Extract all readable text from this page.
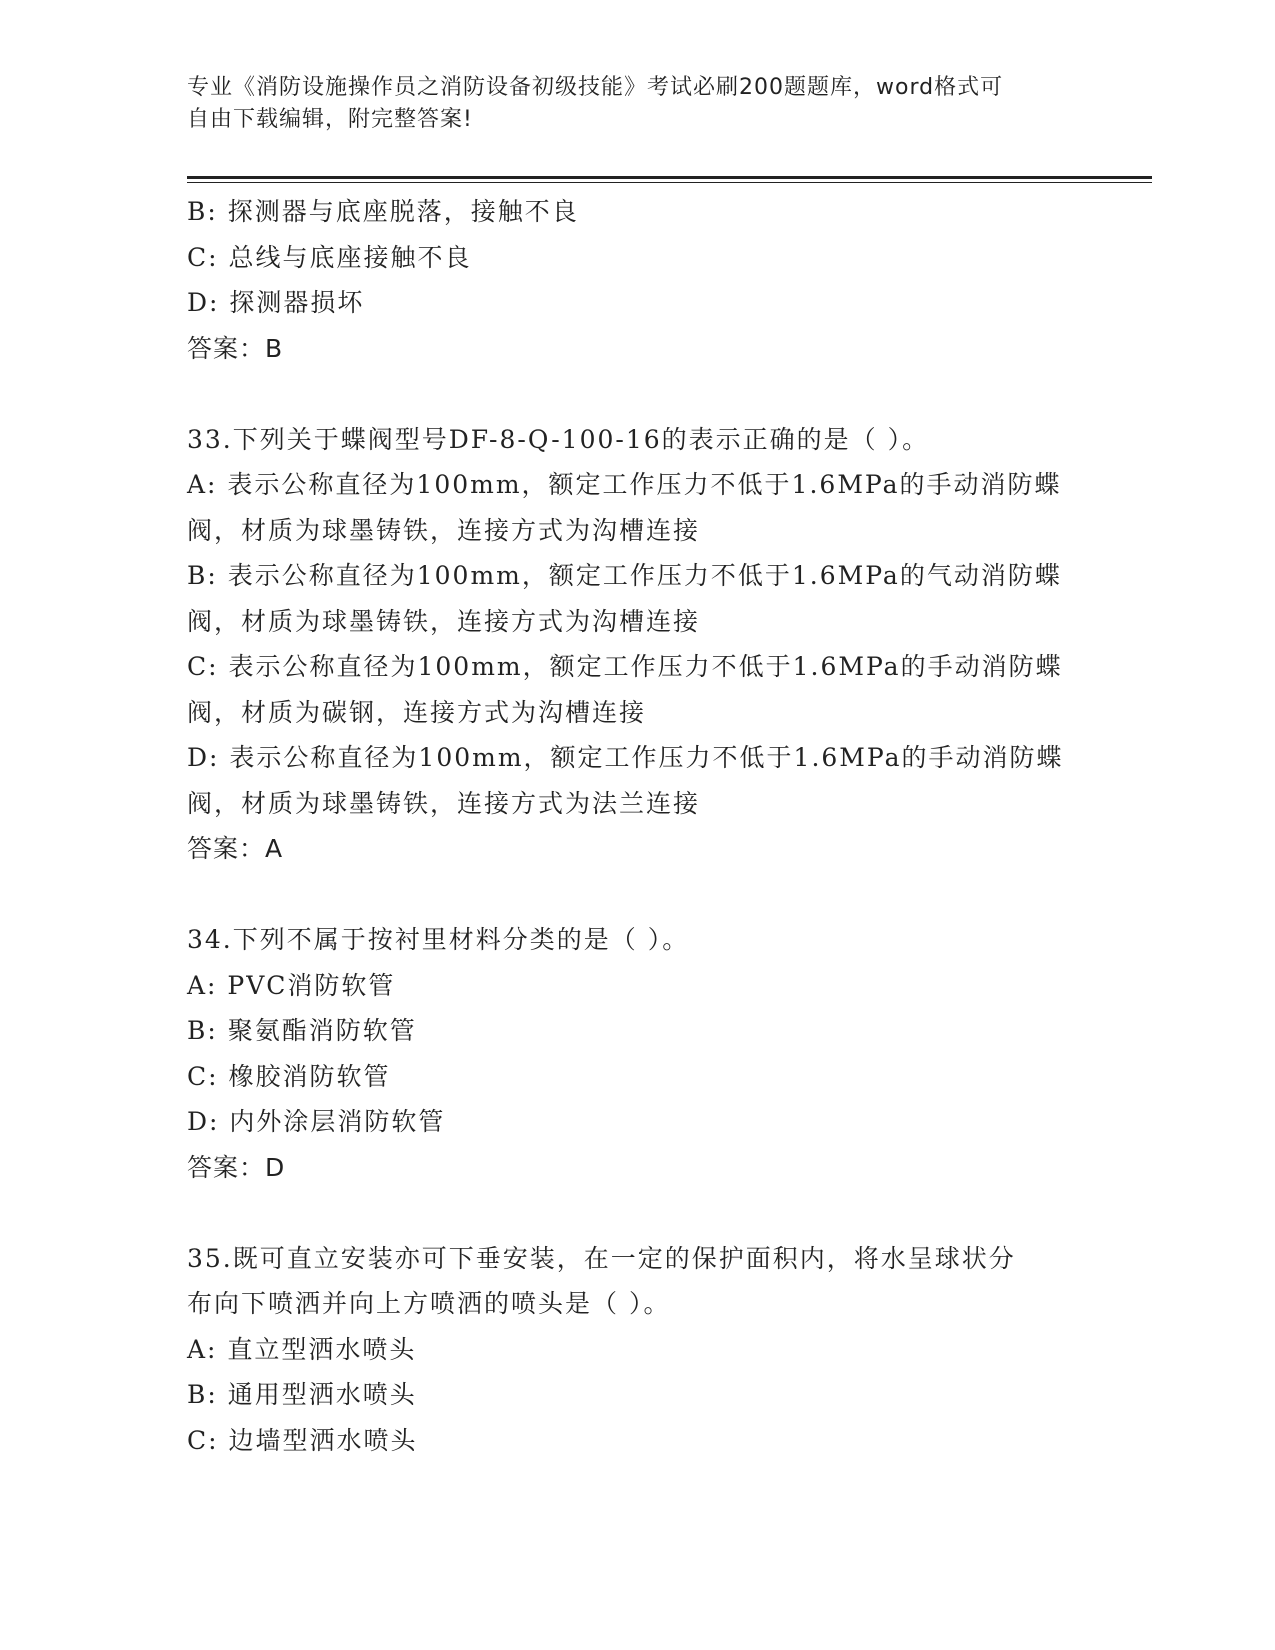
专业《消防设施操作员之消防设备初级技能》考试必刷200题题库，word格式可
自由下载编辑，附完整答案!
B: 探测器与底座脱落，接触不良
C: 总线与底座接触不良
D: 探测器损坏
答案：B
33.下列关于蝶阀型号DF-8-Q-100-16的表示正确的是（ ）。
A: 表示公称直径为100mm，额定工作压力不低于1.6MPa的手动消防蝶
阀，材质为球墨铸铁，连接方式为沟槽连接
B: 表示公称直径为100mm，额定工作压力不低于1.6MPa的气动消防蝶
阀，材质为球墨铸铁，连接方式为沟槽连接
C: 表示公称直径为100mm，额定工作压力不低于1.6MPa的手动消防蝶
阀，材质为碳钢，连接方式为沟槽连接
D: 表示公称直径为100mm，额定工作压力不低于1.6MPa的手动消防蝶
阀，材质为球墨铸铁，连接方式为法兰连接
答案：A
34.下列不属于按衬里材料分类的是（ ）。
A: PVC消防软管
B: 聚氨酯消防软管
C: 橡胶消防软管
D: 内外涂层消防软管
答案：D
35.既可直立安装亦可下垂安装，在一定的保护面积内，将水呈球状分
布向下喷洒并向上方喷洒的喷头是（ ）。
A: 直立型洒水喷头
B: 通用型洒水喷头
C: 边墙型洒水喷头
